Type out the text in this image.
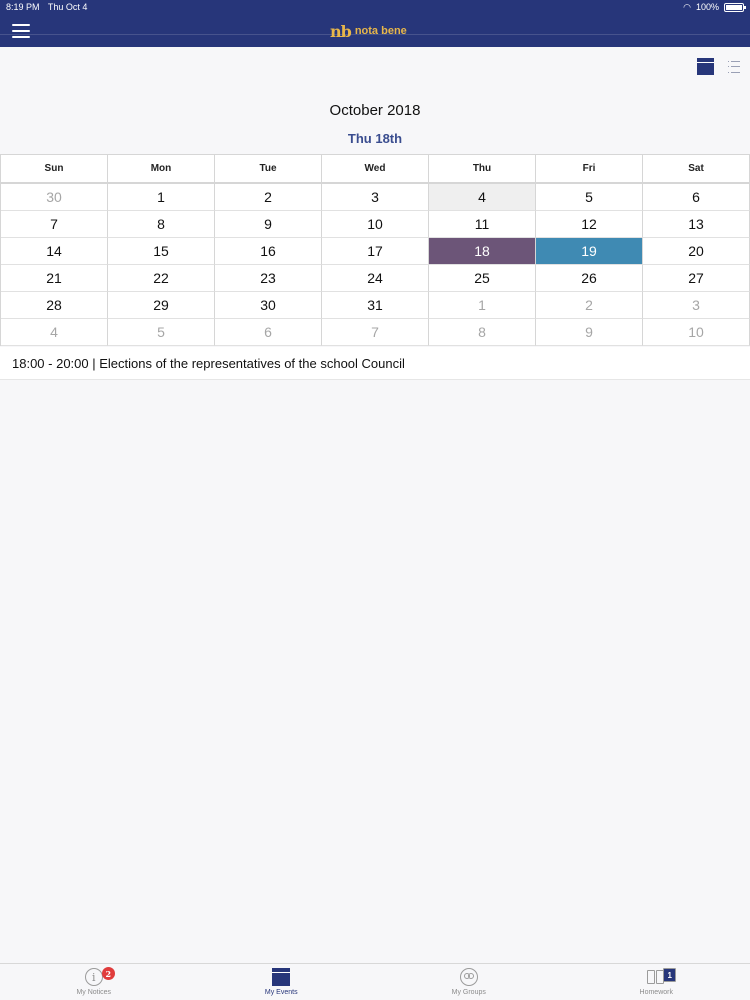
8:19 PM Thu Oct 4	◠ 100%
nb nota bene
October 2018
Thu 18th
Sun	Mon	Tue	Wed	Thu	Fri	Sat
30	1	2	3	4	5	6
7	8	9	10	11	12	13
14	15	16	17	18	19	20
21	22	23	24	25	26	27
28	29	30	31	1	2	3
4	5	6	7	8	9	10
18:00 - 20:00 | Elections of the representatives of the school Council
i	2
My Notices	My Events	My Groups
1
Homework
